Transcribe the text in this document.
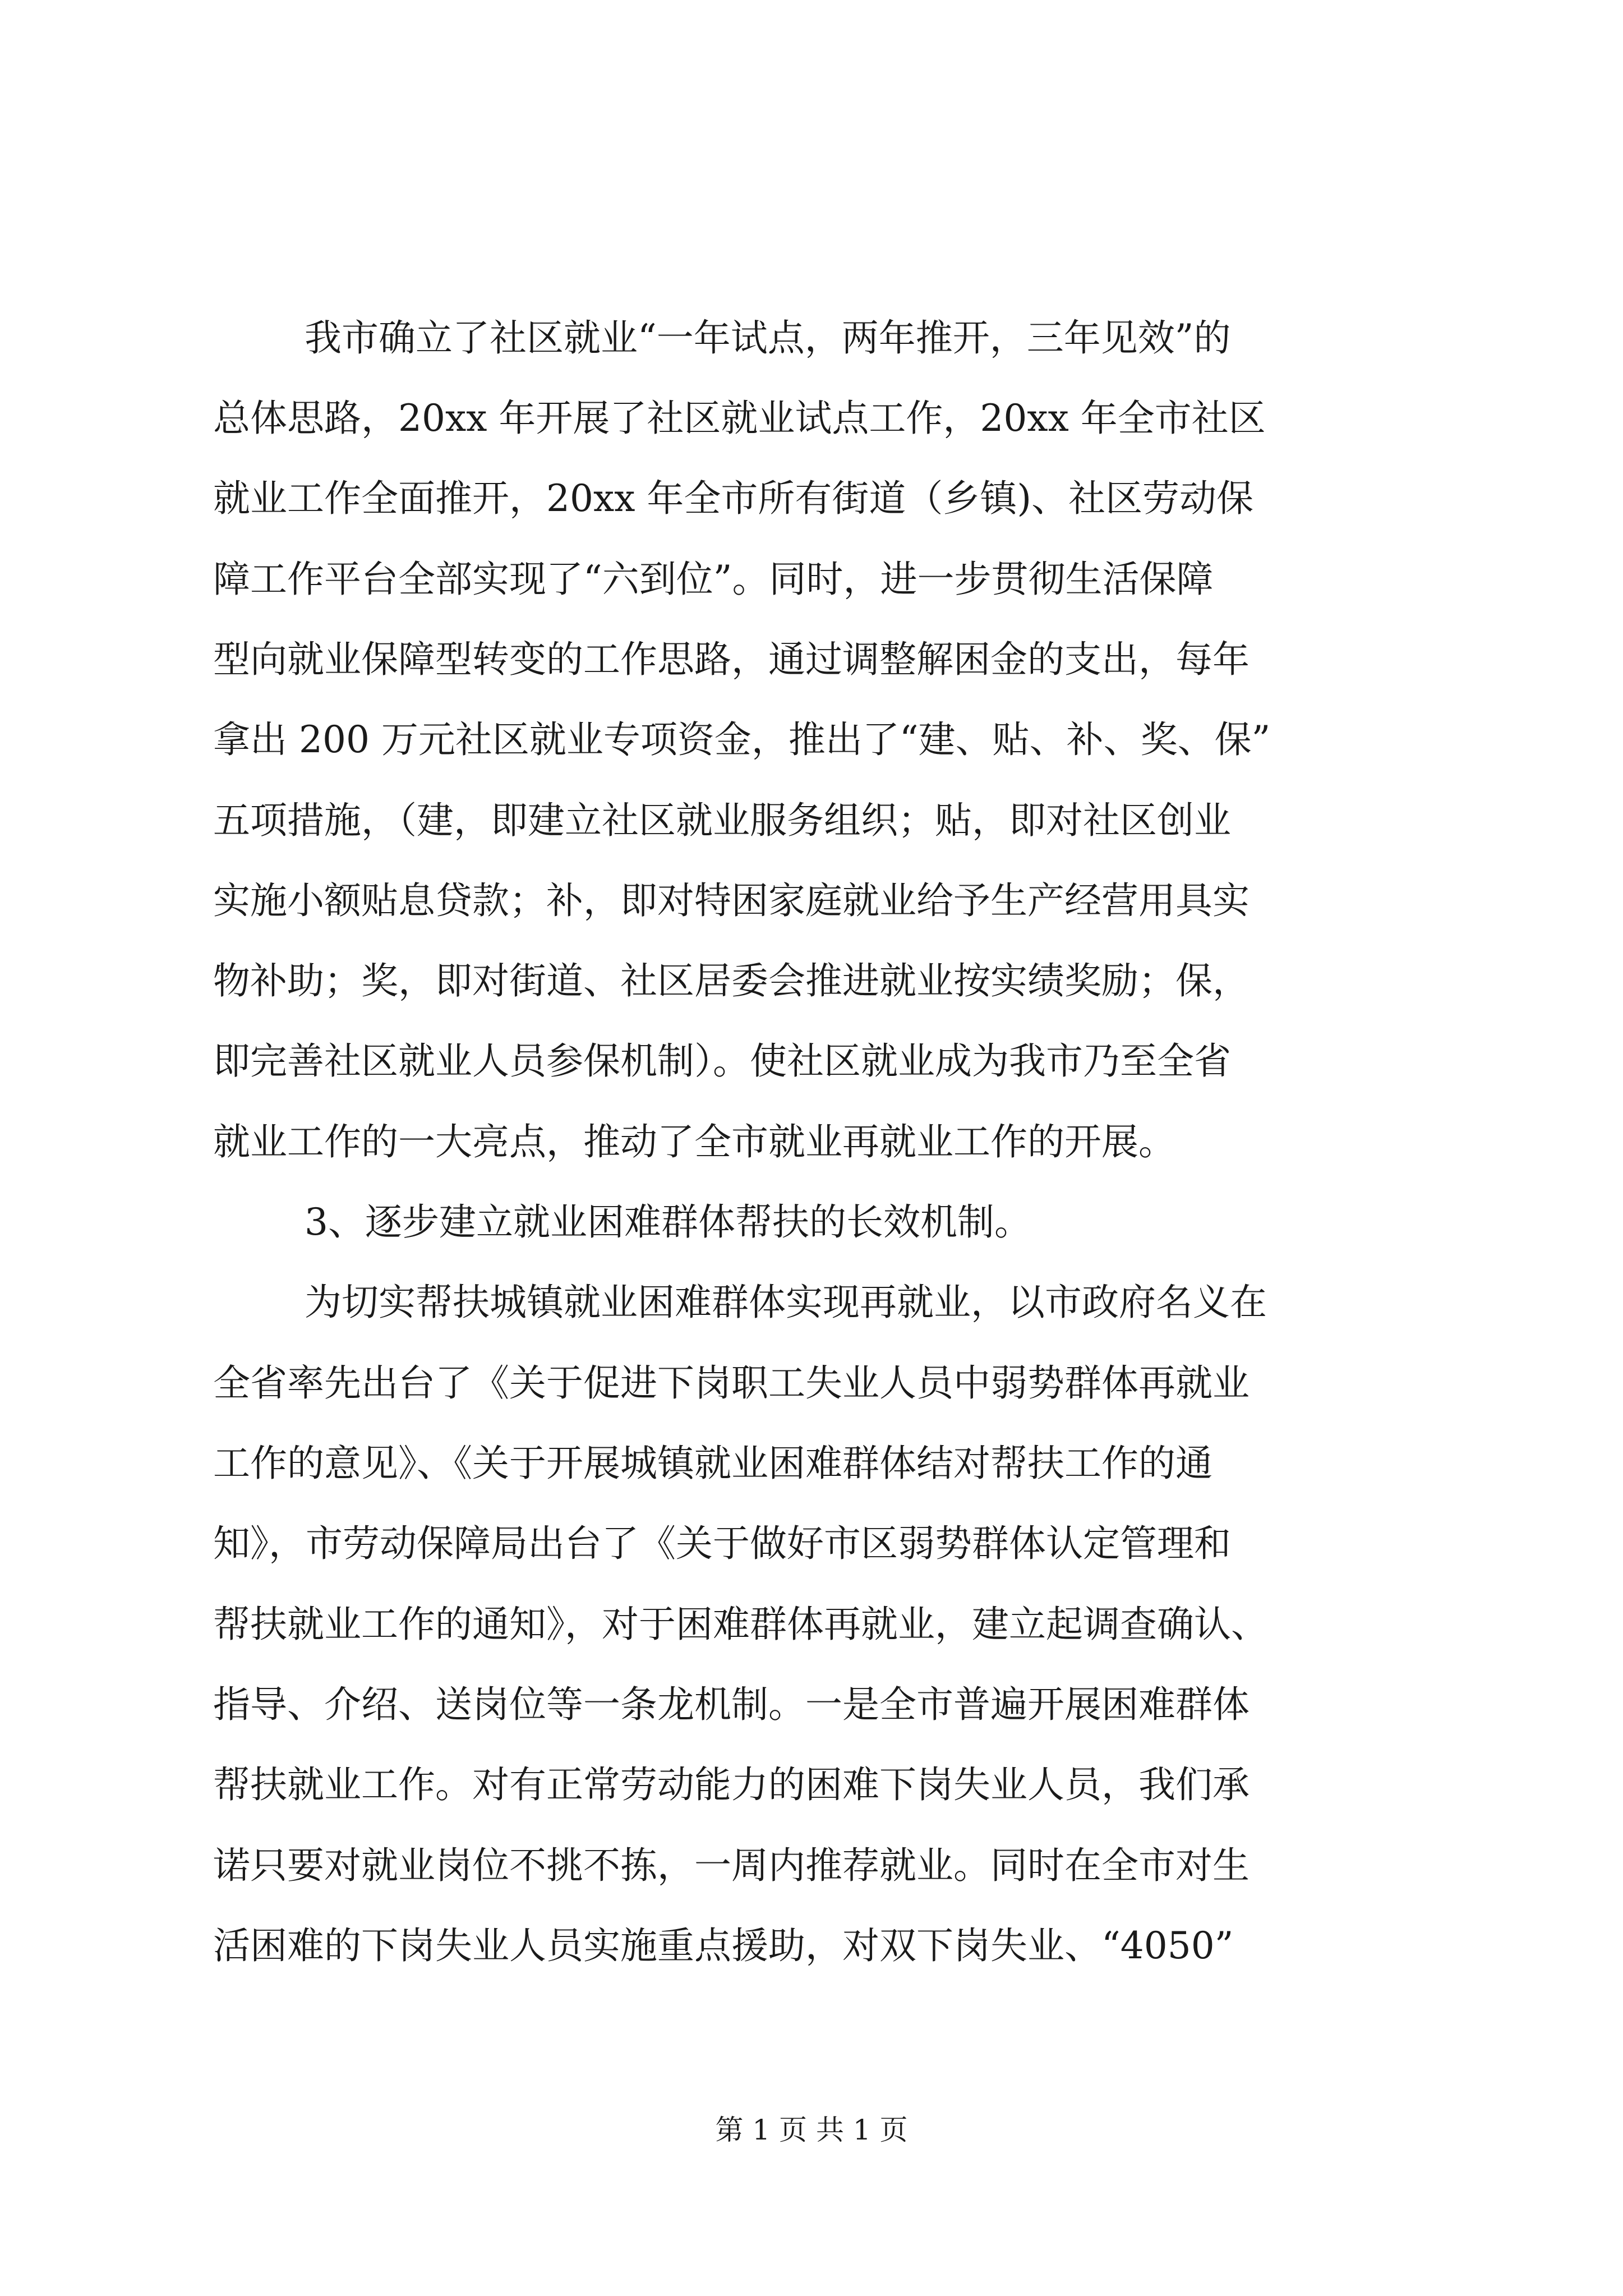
我市确立了社区就业“一年试点，两年推开，三年见效”的
总体思路，20xx 年开展了社区就业试点工作，20xx 年全市社区
就业工作全面推开，20xx 年全市所有街道（乡镇)、社区劳动保
障工作平台全部实现了“六到位”。同时，进一步贯彻生活保障
型向就业保障型转变的工作思路，通过调整解困金的支出，每年
拿出 200 万元社区就业专项资金，推出了“建、贴、补、奖、保”
五项措施，（建，即建立社区就业服务组织；贴，即对社区创业
实施小额贴息贷款；补，即对特困家庭就业给予生产经营用具实
物补助；奖，即对街道、社区居委会推进就业按实绩奖励；保，
即完善社区就业人员参保机制）。使社区就业成为我市乃至全省
就业工作的一大亮点，推动了全市就业再就业工作的开展。
3、逐步建立就业困难群体帮扶的长效机制。
为切实帮扶城镇就业困难群体实现再就业，以市政府名义在
全省率先出台了《关于促进下岗职工失业人员中弱势群体再就业
工作的意见》、《关于开展城镇就业困难群体结对帮扶工作的通
知》，市劳动保障局出台了《关于做好市区弱势群体认定管理和
帮扶就业工作的通知》，对于困难群体再就业，建立起调查确认、
指导、介绍、送岗位等一条龙机制。一是全市普遍开展困难群体
帮扶就业工作。对有正常劳动能力的困难下岗失业人员，我们承
诺只要对就业岗位不挑不拣，一周内推荐就业。同时在全市对生
活困难的下岗失业人员实施重点援助，对双下岗失业、“4050”
第 1 页 共 1 页
